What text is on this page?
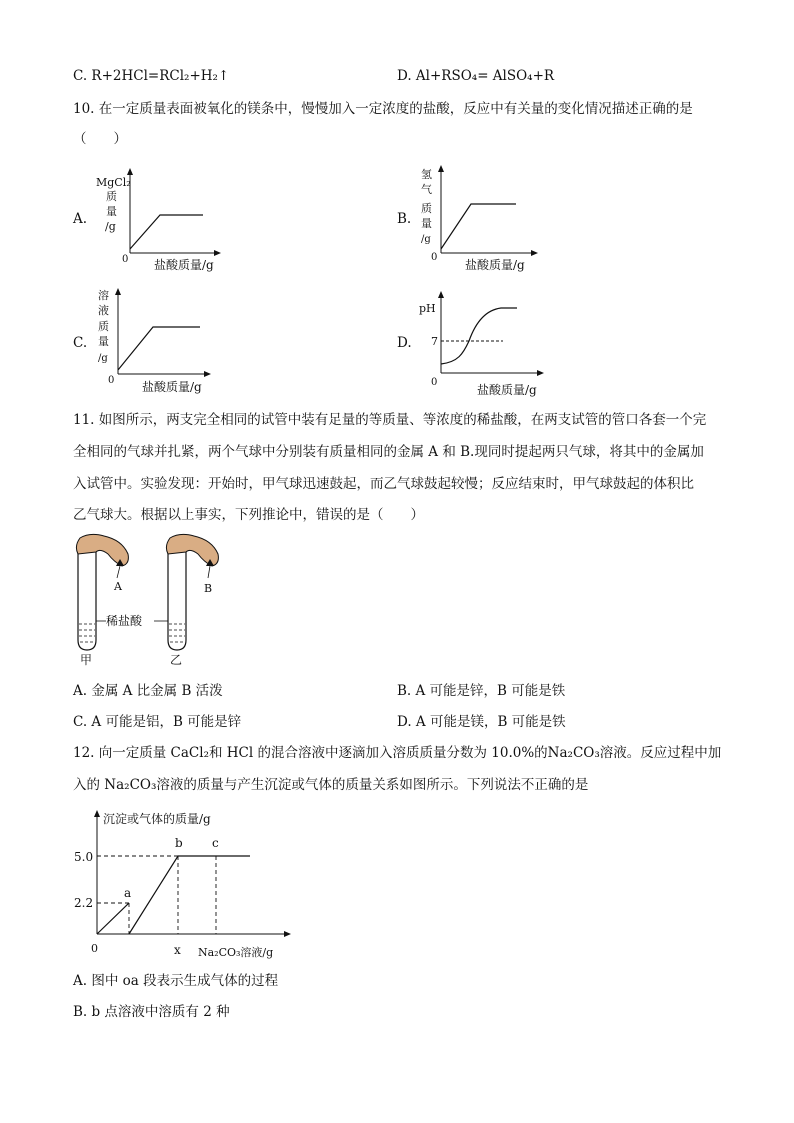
C. R+2HCl=RCl₂+H₂↑	D. Al+RSO₄= AlSO₄+R
10. 在一定质量表面被氧化的镁条中，慢慢加入一定浓度的盐酸，反应中有关量的变化情况描述正确的是
（　　）
A.
MgCl₂
质
量
/g
0 盐酸质量/g
B.
氢
气
质
量
/g
0
盐酸质量/g
C.
溶
液
质
量
/g
0 盐酸质量/g
D.
pH
7
0
盐酸质量/g
11. 如图所示，两支完全相同的试管中装有足量的等质量、等浓度的稀盐酸，在两支试管的管口各套一个完
全相同的气球并扎紧，两个气球中分别装有质量相同的金属 A 和 B.现同时提起两只气球，将其中的金属加
入试管中。实验发现：开始时，甲气球迅速鼓起，而乙气球鼓起较慢；反应结束时，甲气球鼓起的体积比
乙气球大。根据以上事实，下列推论中，错误的是（　　）
A
甲
B
乙
稀盐酸
A. 金属 A 比金属 B 活泼	B. A 可能是锌，B 可能是铁
C. A 可能是铝，B 可能是锌	D. A 可能是镁，B 可能是铁
12. 向一定质量 CaCl₂和 HCl 的混合溶液中逐滴加入溶质质量分数为 10.0%的Na₂CO₃溶液。反应过程中加
入的 Na₂CO₃溶液的质量与产生沉淀或气体的质量关系如图所示。下列说法不正确的是
沉淀或气体的质量/g
5.0
2.2
a
b c
0	x Na₂CO₃溶液/g
A. 图中 oa 段表示生成气体的过程
B. b 点溶液中溶质有 2 种
